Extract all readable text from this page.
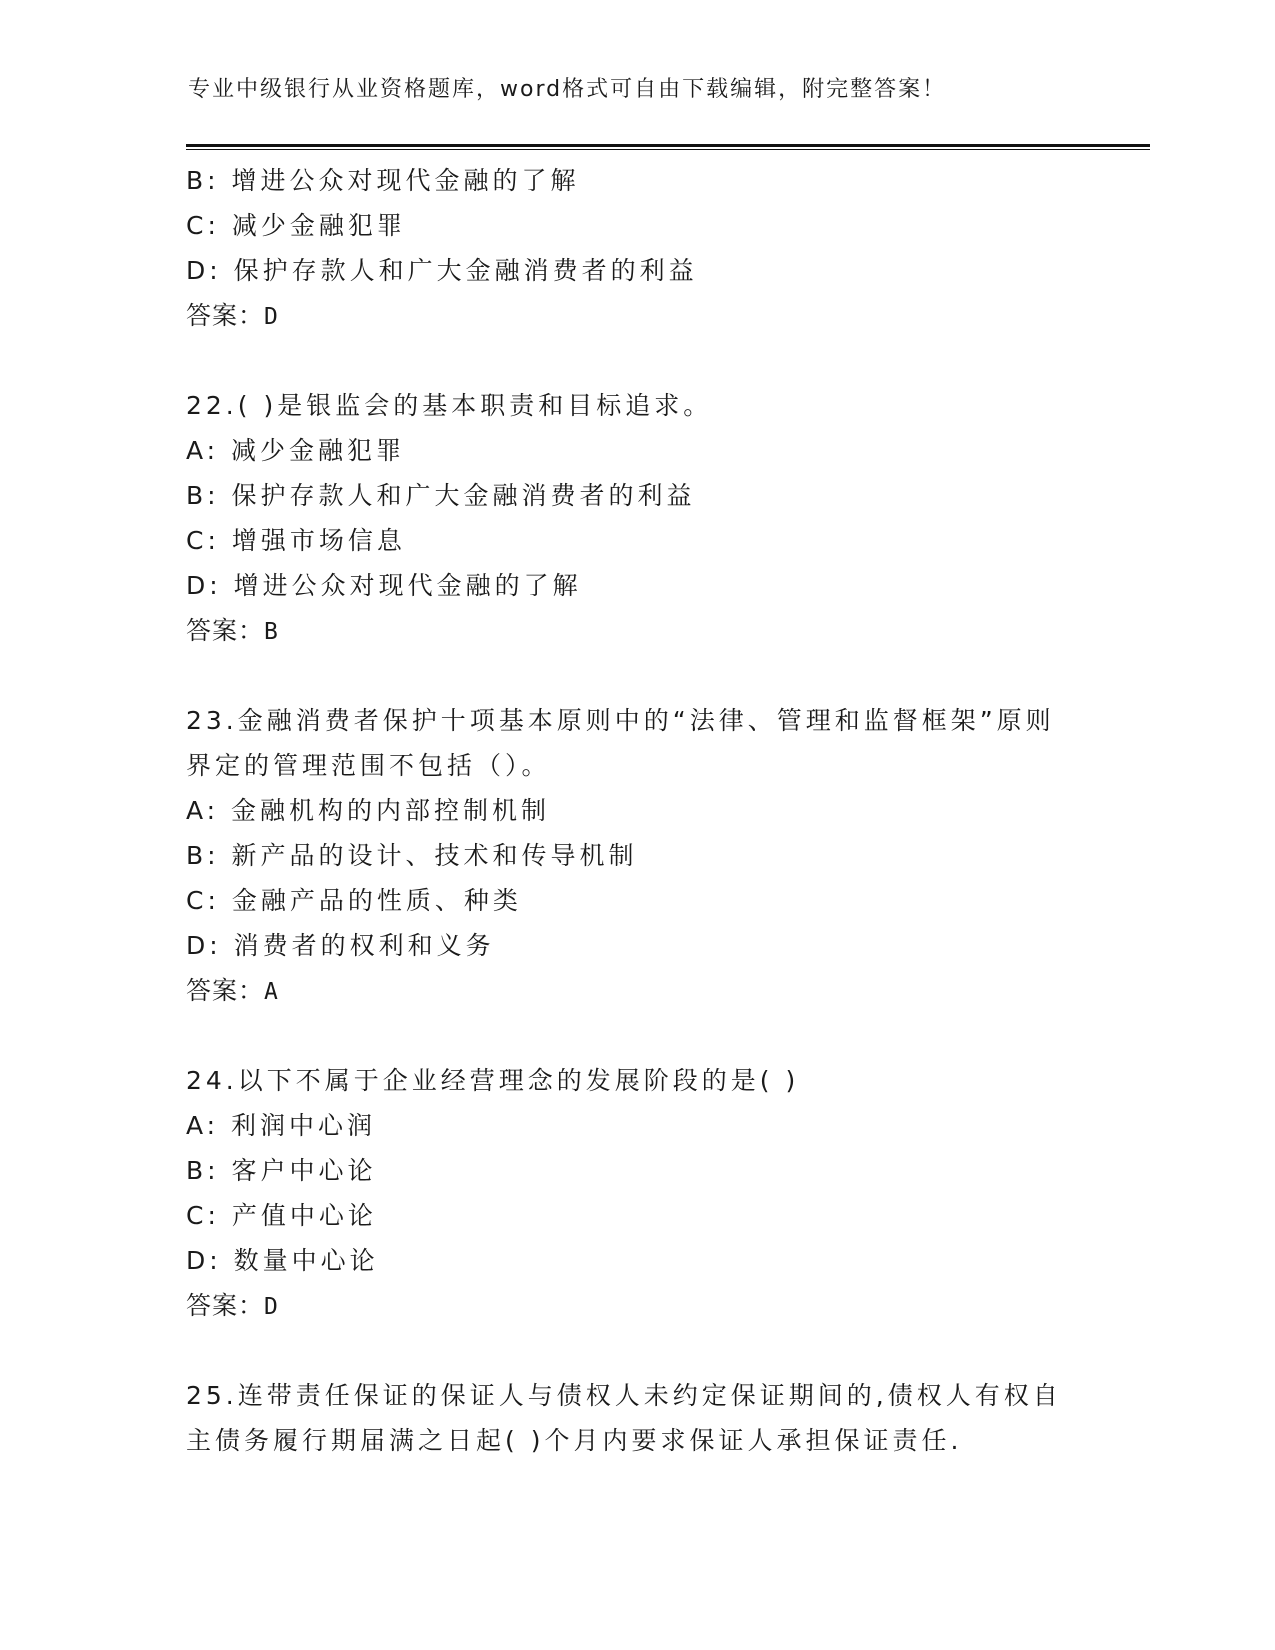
专业中级银行从业资格题库，word格式可自由下载编辑，附完整答案！
B: 增进公众对现代金融的了解
C: 减少金融犯罪
D: 保护存款人和广大金融消费者的利益
答案：D
22.( )是银监会的基本职责和目标追求。
A: 减少金融犯罪
B: 保护存款人和广大金融消费者的利益
C: 增强市场信息
D: 增进公众对现代金融的了解
答案：B
23.金融消费者保护十项基本原则中的“法律、管理和监督框架”原则
界定的管理范围不包括（）。
A: 金融机构的内部控制机制
B: 新产品的设计、技术和传导机制
C: 金融产品的性质、种类
D: 消费者的权利和义务
答案：A
24.以下不属于企业经营理念的发展阶段的是( )
A: 利润中心润
B: 客户中心论
C: 产值中心论
D: 数量中心论
答案：D
25.连带责任保证的保证人与债权人未约定保证期间的,债权人有权自
主债务履行期届满之日起( )个月内要求保证人承担保证责任.
